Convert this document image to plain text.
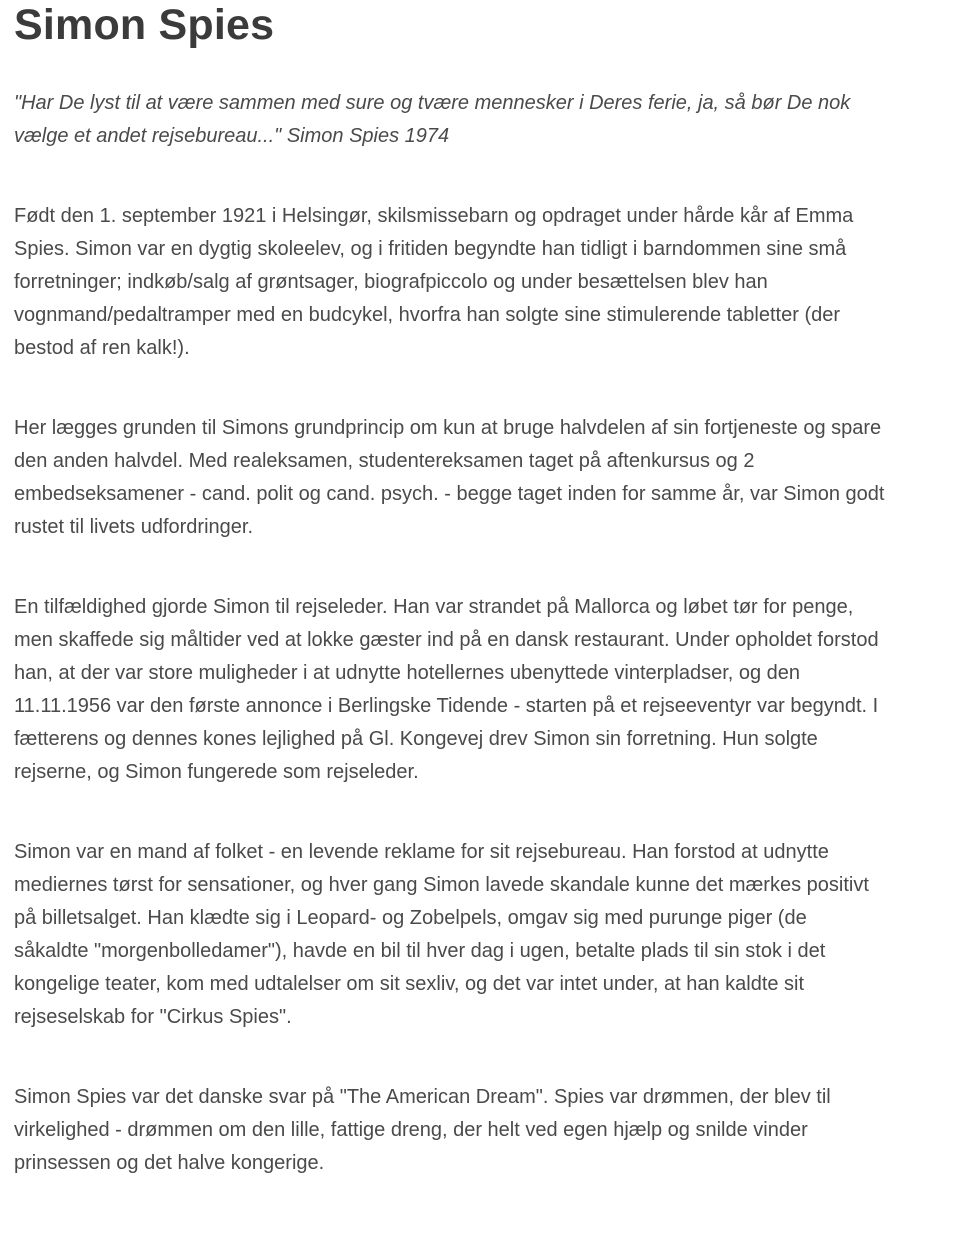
Simon Spies

"Har De lyst til at være sammen med sure og tvære mennesker i Deres ferie, ja, så bør De nok vælge et andet rejsebureau..." Simon Spies 1974

Født den 1. september 1921 i Helsingør, skilsmissebarn og opdraget under hårde kår af Emma Spies. Simon var en dygtig skoleelev, og i fritiden begyndte han tidligt i barndommen sine små forretninger; indkøb/salg af grøntsager, biografpiccolo og under besættelsen blev han vognmand/pedaltramper med en budcykel, hvorfra han solgte sine stimulerende tabletter (der bestod af ren kalk!).

Her lægges grunden til Simons grundprincip om kun at bruge halvdelen af sin fortjeneste og spare den anden halvdel. Med realeksamen, studentereksamen taget på aftenkursus og 2 embedseksamener - cand. polit og cand. psych. - begge taget inden for samme år, var Simon godt rustet til livets udfordringer.

En tilfældighed gjorde Simon til rejseleder. Han var strandet på Mallorca og løbet tør for penge, men skaffede sig måltider ved at lokke gæster ind på en dansk restaurant. Under opholdet forstod han, at der var store muligheder i at udnytte hotellernes ubenyttede vinterpladser, og den 11.11.1956 var den første annonce i Berlingske Tidende - starten på et rejseeventyr var begyndt. I fætterens og dennes kones lejlighed på Gl. Kongevej drev Simon sin forretning. Hun solgte rejserne, og Simon fungerede som rejseleder.

Simon var en mand af folket - en levende reklame for sit rejsebureau. Han forstod at udnytte mediernes tørst for sensationer, og hver gang Simon lavede skandale kunne det mærkes positivt på billetsalget. Han klædte sig i Leopard- og Zobelpels, omgav sig med purunge piger (de såkaldte "morgenbolledamer"), havde en bil til hver dag i ugen, betalte plads til sin stok i det kongelige teater, kom med udtalelser om sit sexliv, og det var intet under, at han kaldte sit rejseselskab for "Cirkus Spies".

Simon Spies var det danske svar på "The American Dream". Spies var drømmen, der blev til virkelighed - drømmen om den lille, fattige dreng, der helt ved egen hjælp og snilde vinder prinsessen og det halve kongerige.
